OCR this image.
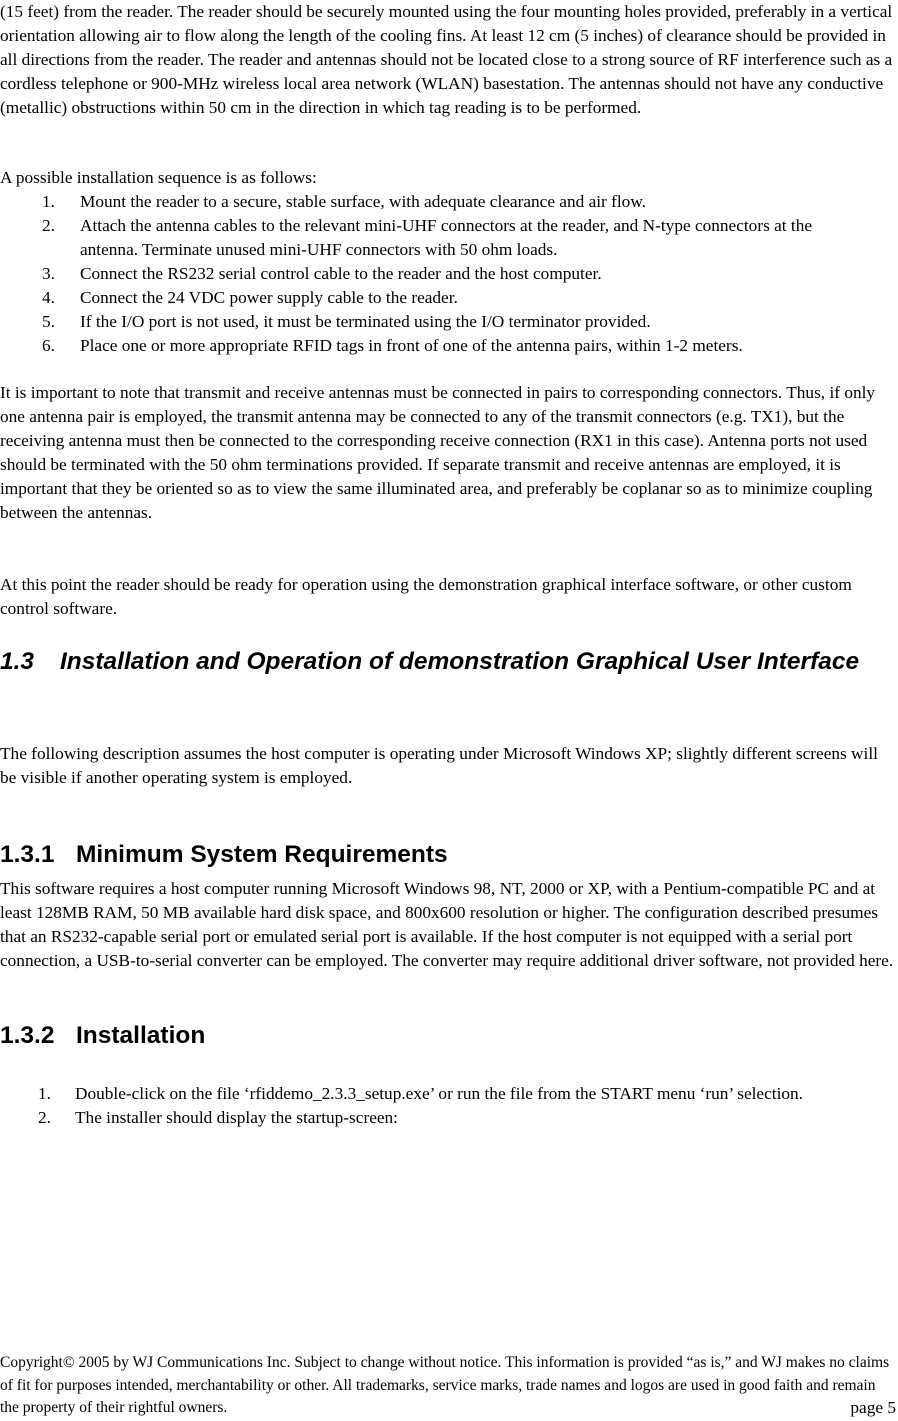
(15 feet) from the reader. The reader should be securely mounted using the four mounting holes provided, preferably in a vertical orientation allowing air to flow along the length of the cooling fins. At least 12 cm (5 inches) of clearance should be provided in all directions from the reader. The reader and antennas should not be located close to a strong source of RF interference such as a cordless telephone or 900-MHz wireless local area network (WLAN) basestation. The antennas should not have any conductive (metallic) obstructions within 50 cm in the direction in which tag reading is to be performed.

A possible installation sequence is as follows:

1. Mount the reader to a secure, stable surface, with adequate clearance and air flow.
2. Attach the antenna cables to the relevant mini-UHF connectors at the reader, and N-type connectors at the antenna. Terminate unused mini-UHF connectors with 50 ohm loads.
3. Connect the RS232 serial control cable to the reader and the host computer.
4. Connect the 24 VDC power supply cable to the reader.
5. If the I/O port is not used, it must be terminated using the I/O terminator provided.
6. Place one or more appropriate RFID tags in front of one of the antenna pairs, within 1-2 meters.

It is important to note that transmit and receive antennas must be connected in pairs to corresponding connectors. Thus, if only one antenna pair is employed, the transmit antenna may be connected to any of the transmit connectors (e.g. TX1), but the receiving antenna must then be connected to the corresponding receive connection (RX1 in this case). Antenna ports not used should be terminated with the 50 ohm terminations provided. If separate transmit and receive antennas are employed, it is important that they be oriented so as to view the same illuminated area, and preferably be coplanar so as to minimize coupling between the antennas.

At this point the reader should be ready for operation using the demonstration graphical interface software, or other custom control software.

1.3 Installation and Operation of demonstration Graphical User Interface

The following description assumes the host computer is operating under Microsoft Windows XP; slightly different screens will be visible if another operating system is employed.

1.3.1 Minimum System Requirements

This software requires a host computer running Microsoft Windows 98, NT, 2000 or XP, with a Pentium-compatible PC and at least 128MB RAM, 50 MB available hard disk space, and 800x600 resolution or higher. The configuration described presumes that an RS232-capable serial port or emulated serial port is available. If the host computer is not equipped with a serial port connection, a USB-to-serial converter can be employed. The converter may require additional driver software, not provided here.

1.3.2 Installation
1. Double-click on the file ‘rfiddemo_2.3.3_setup.exe’ or run the file from the START menu ‘run’ selection.
2. The installer should display the startup-screen:
Copyright© 2005 by WJ Communications Inc. Subject to change without notice. This information is provided “as is,” and WJ makes no claims of fit for purposes intended, merchantability or other. All trademarks, service marks, trade names and logos are used in good faith and remain the property of their rightful owners.	page 5
